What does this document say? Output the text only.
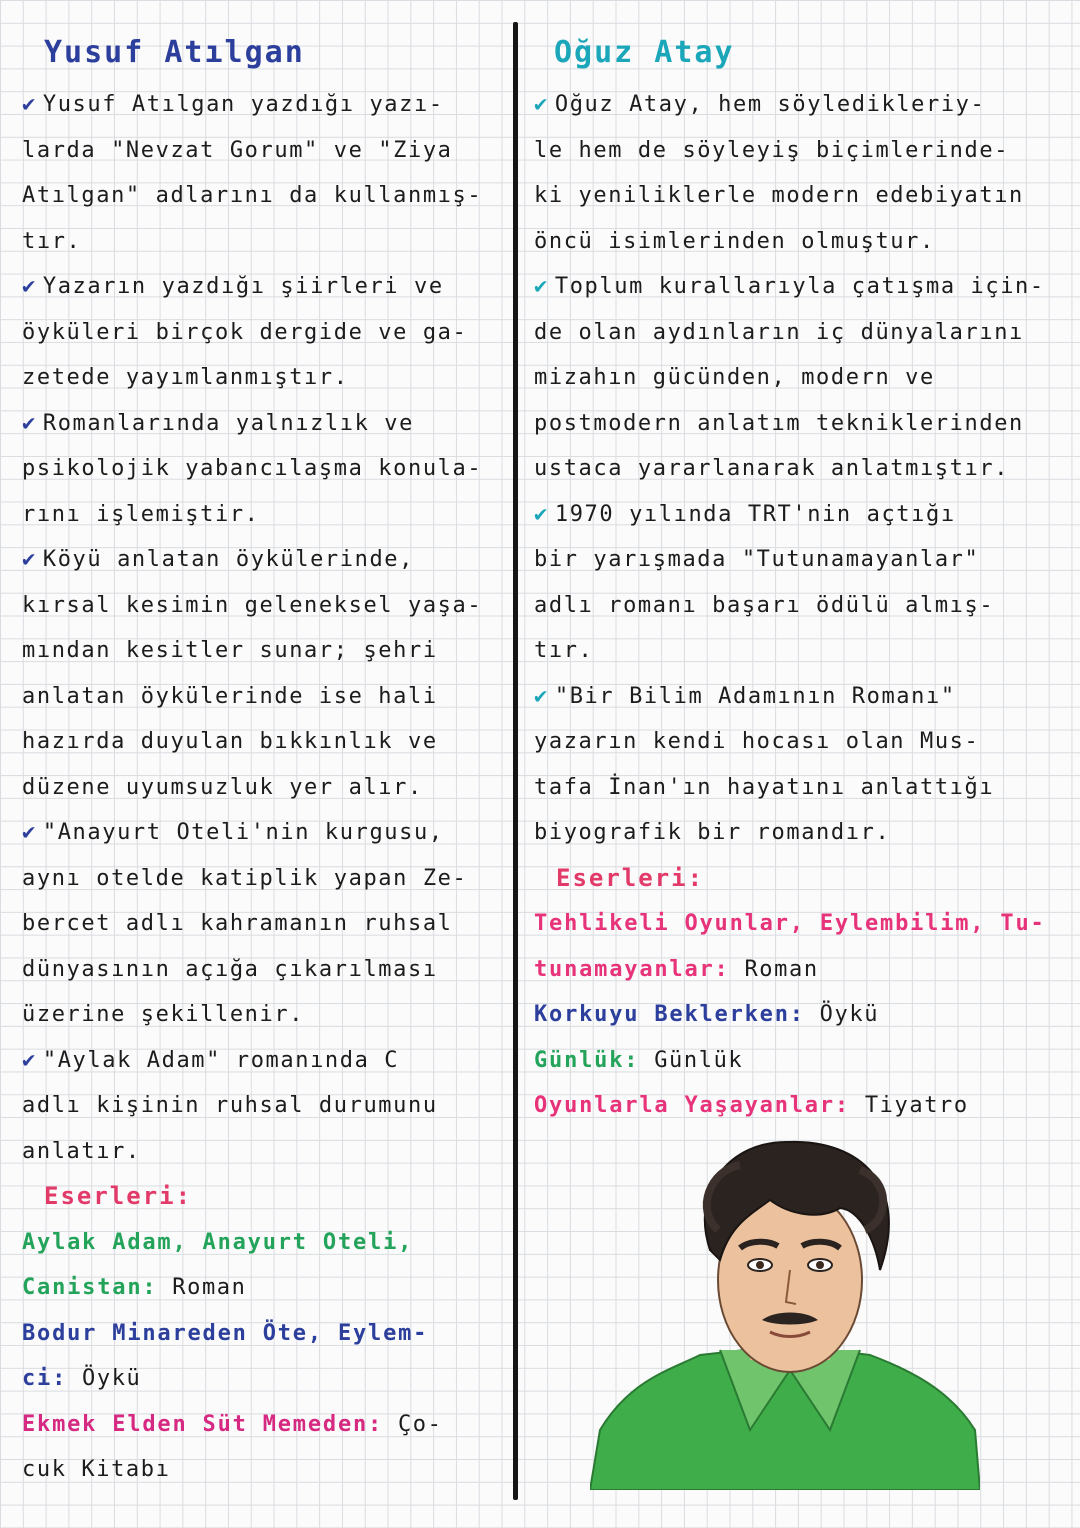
Yusuf Atılgan

✔ Yusuf Atılgan yazdığı yazı-

larda "Nevzat Gorum" ve "Ziya

Atılgan" adlarını da kullanmış-

tır.

✔ Yazarın yazdığı şiirleri ve

öyküleri birçok dergide ve ga-

zetede yayımlanmıştır.

✔ Romanlarında yalnızlık ve

psikolojik yabancılaşma konula-

rını işlemiştir.

✔ Köyü anlatan öykülerinde,

kırsal kesimin geleneksel yaşa-

mından kesitler sunar; şehri

anlatan öykülerinde ise hali

hazırda duyulan bıkkınlık ve

düzene uyumsuzluk yer alır.

✔ "Anayurt Oteli'nin kurgusu,

aynı otelde katiplik yapan Ze-

bercet adlı kahramanın ruhsal

dünyasının açığa çıkarılması

üzerine şekillenir.

✔ "Aylak Adam" romanında C

adlı kişinin ruhsal durumunu

anlatır.

Eserleri:

Aylak Adam, Anayurt Oteli,

Canistan: Roman

Bodur Minareden Öte, Eylem-

ci: Öykü

Ekmek Elden Süt Memeden: Ço-

cuk Kitabı

Oğuz Atay

✔ Oğuz Atay, hem söyledikleriy-

le hem de söyleyiş biçimlerinde-

ki yeniliklerle modern edebiyatın

öncü isimlerinden olmuştur.

✔ Toplum kurallarıyla çatışma için-

de olan aydınların iç dünyalarını

mizahın gücünden, modern ve

postmodern anlatım tekniklerinden

ustaca yararlanarak anlatmıştır.

✔ 1970 yılında TRT'nin açtığı

bir yarışmada "Tutunamayanlar"

adlı romanı başarı ödülü almış-

tır.

✔ "Bir Bilim Adamının Romanı"

yazarın kendi hocası olan Mus-

tafa İnan'ın hayatını anlattığı

biyografik bir romandır.

Eserleri:

Tehlikeli Oyunlar, Eylembilim, Tu-

tunamayanlar: Roman

Korkuyu Beklerken: Öykü

Günlük: Günlük

Oyunlarla Yaşayanlar: Tiyatro
